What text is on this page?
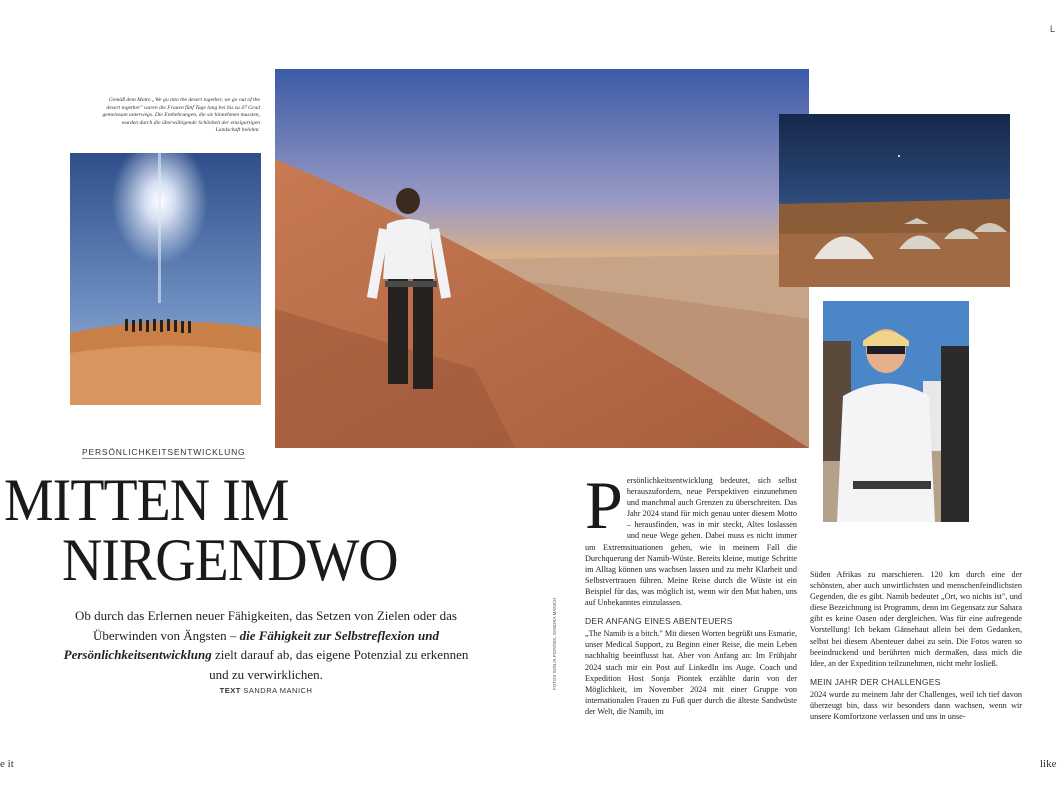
L
Gemäß dem Motto „We go into the desert together, we go out of the desert together" waren die Frauen fünf Tage lang bei bis zu 47 Grad gemeinsam unterwegs. Die Entbehrungen, die sie hinnehmen mussten, wurden durch die überwältigende Schönheit der einzigartigen Landschaft belohnt.
PERSÖNLICHKEITSENTWICKLUNG
MITTEN IM
NIRGENDWO
Ob durch das Erlernen neuer Fähigkeiten, das Setzen von Zielen oder das Überwinden von Ängsten – die Fähigkeit zur Selbstreflexion und Persönlichkeitsentwicklung zielt darauf ab, das eigene Potenzial zu erkennen und zu verwirklichen.
TEXT SANDRA MANICH
FOTOS SONJA PIONTEK, SANDRA MANICH
P ersönlichkeitsentwicklung bedeutet, sich selbst herauszufordern, neue Perspektiven einzunehmen und manchmal auch Grenzen zu überschreiten. Das Jahr 2024 stand für mich genau unter diesem Motto – herausfinden, was in mir steckt, Altes loslassen und neue Wege gehen. Dabei muss es nicht immer um Extremsituationen gehen, wie in meinem Fall die Durchquerung der Namib-Wüste. Bereits kleine, mutige Schritte im Alltag können uns wachsen lassen und zu mehr Klarheit und Selbstvertrauen führen. Meine Reise durch die Wüste ist ein Beispiel für das, was möglich ist, wenn wir den Mut haben, uns auf Unbekanntes einzulassen.
DER ANFANG EINES ABENTEUERS
„The Namib is a bitch." Mit diesen Worten begrüßt uns Esmarie, unser Medical Support, zu Beginn einer Reise, die mein Leben nachhaltig beeinflusst hat. Aber von Anfang an: Im Frühjahr 2024 stach mir ein Post auf LinkedIn ins Auge. Coach und Expedition Host Sonja Piontek erzählte darin von der Möglichkeit, im November 2024 mit einer Gruppe von internationalen Frauen zu Fuß quer durch die älteste Sandwüste der Welt, die Namib, im
Süden Afrikas zu marschieren. 120 km durch eine der schönsten, aber auch unwirtlichsten und menschenfeindlichsten Gegenden, die es gibt. Namib bedeutet „Ort, wo nichts ist", und diese Bezeichnung ist Programm, denn im Gegensatz zur Sahara gibt es keine Oasen oder dergleichen. Was für eine aufregende Vorstellung! Ich bekam Gänsehaut allein bei dem Gedanken, selbst bei diesem Abenteuer dabei zu sein. Die Fotos waren so beeindruckend und berührten mich dermaßen, dass mich die Idee, an der Expedition teilzunehmen, nicht mehr losließ.
MEIN JAHR DER CHALLENGES
2024 wurde zu meinem Jahr der Challenges, weil ich tief davon überzeugt bin, dass wir besonders dann wachsen, wenn wir unsere Komfortzone verlassen und uns in unse-
e it	like
